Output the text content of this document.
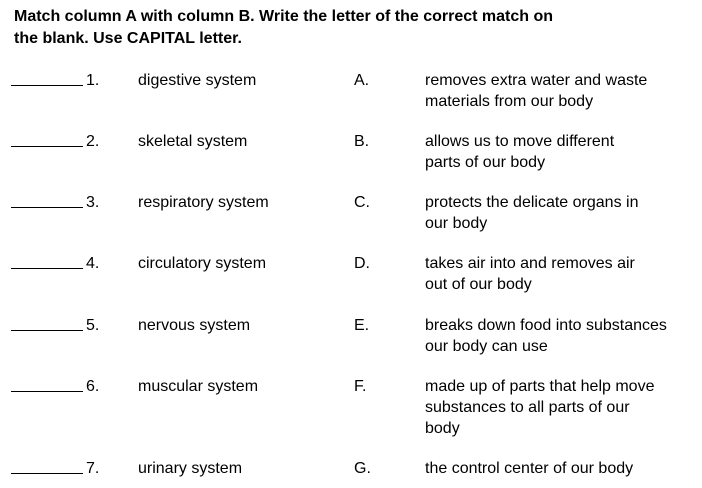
Match column A with column B. Write the letter of the correct match on
the blank. Use CAPITAL letter.
1. digestive system	A.	removes extra water and waste
materials from our body
2. skeletal system	B.	allows us to move different
parts of our body
3. respiratory system	C.	protects the delicate organs in
our body
4. circulatory system	D.	takes air into and removes air
out of our body
5. nervous system	E.	breaks down food into substances
our body can use
6. muscular system	F.	made up of parts that help move
substances to all parts of our
body
7. urinary system	G.	the control center of our body
